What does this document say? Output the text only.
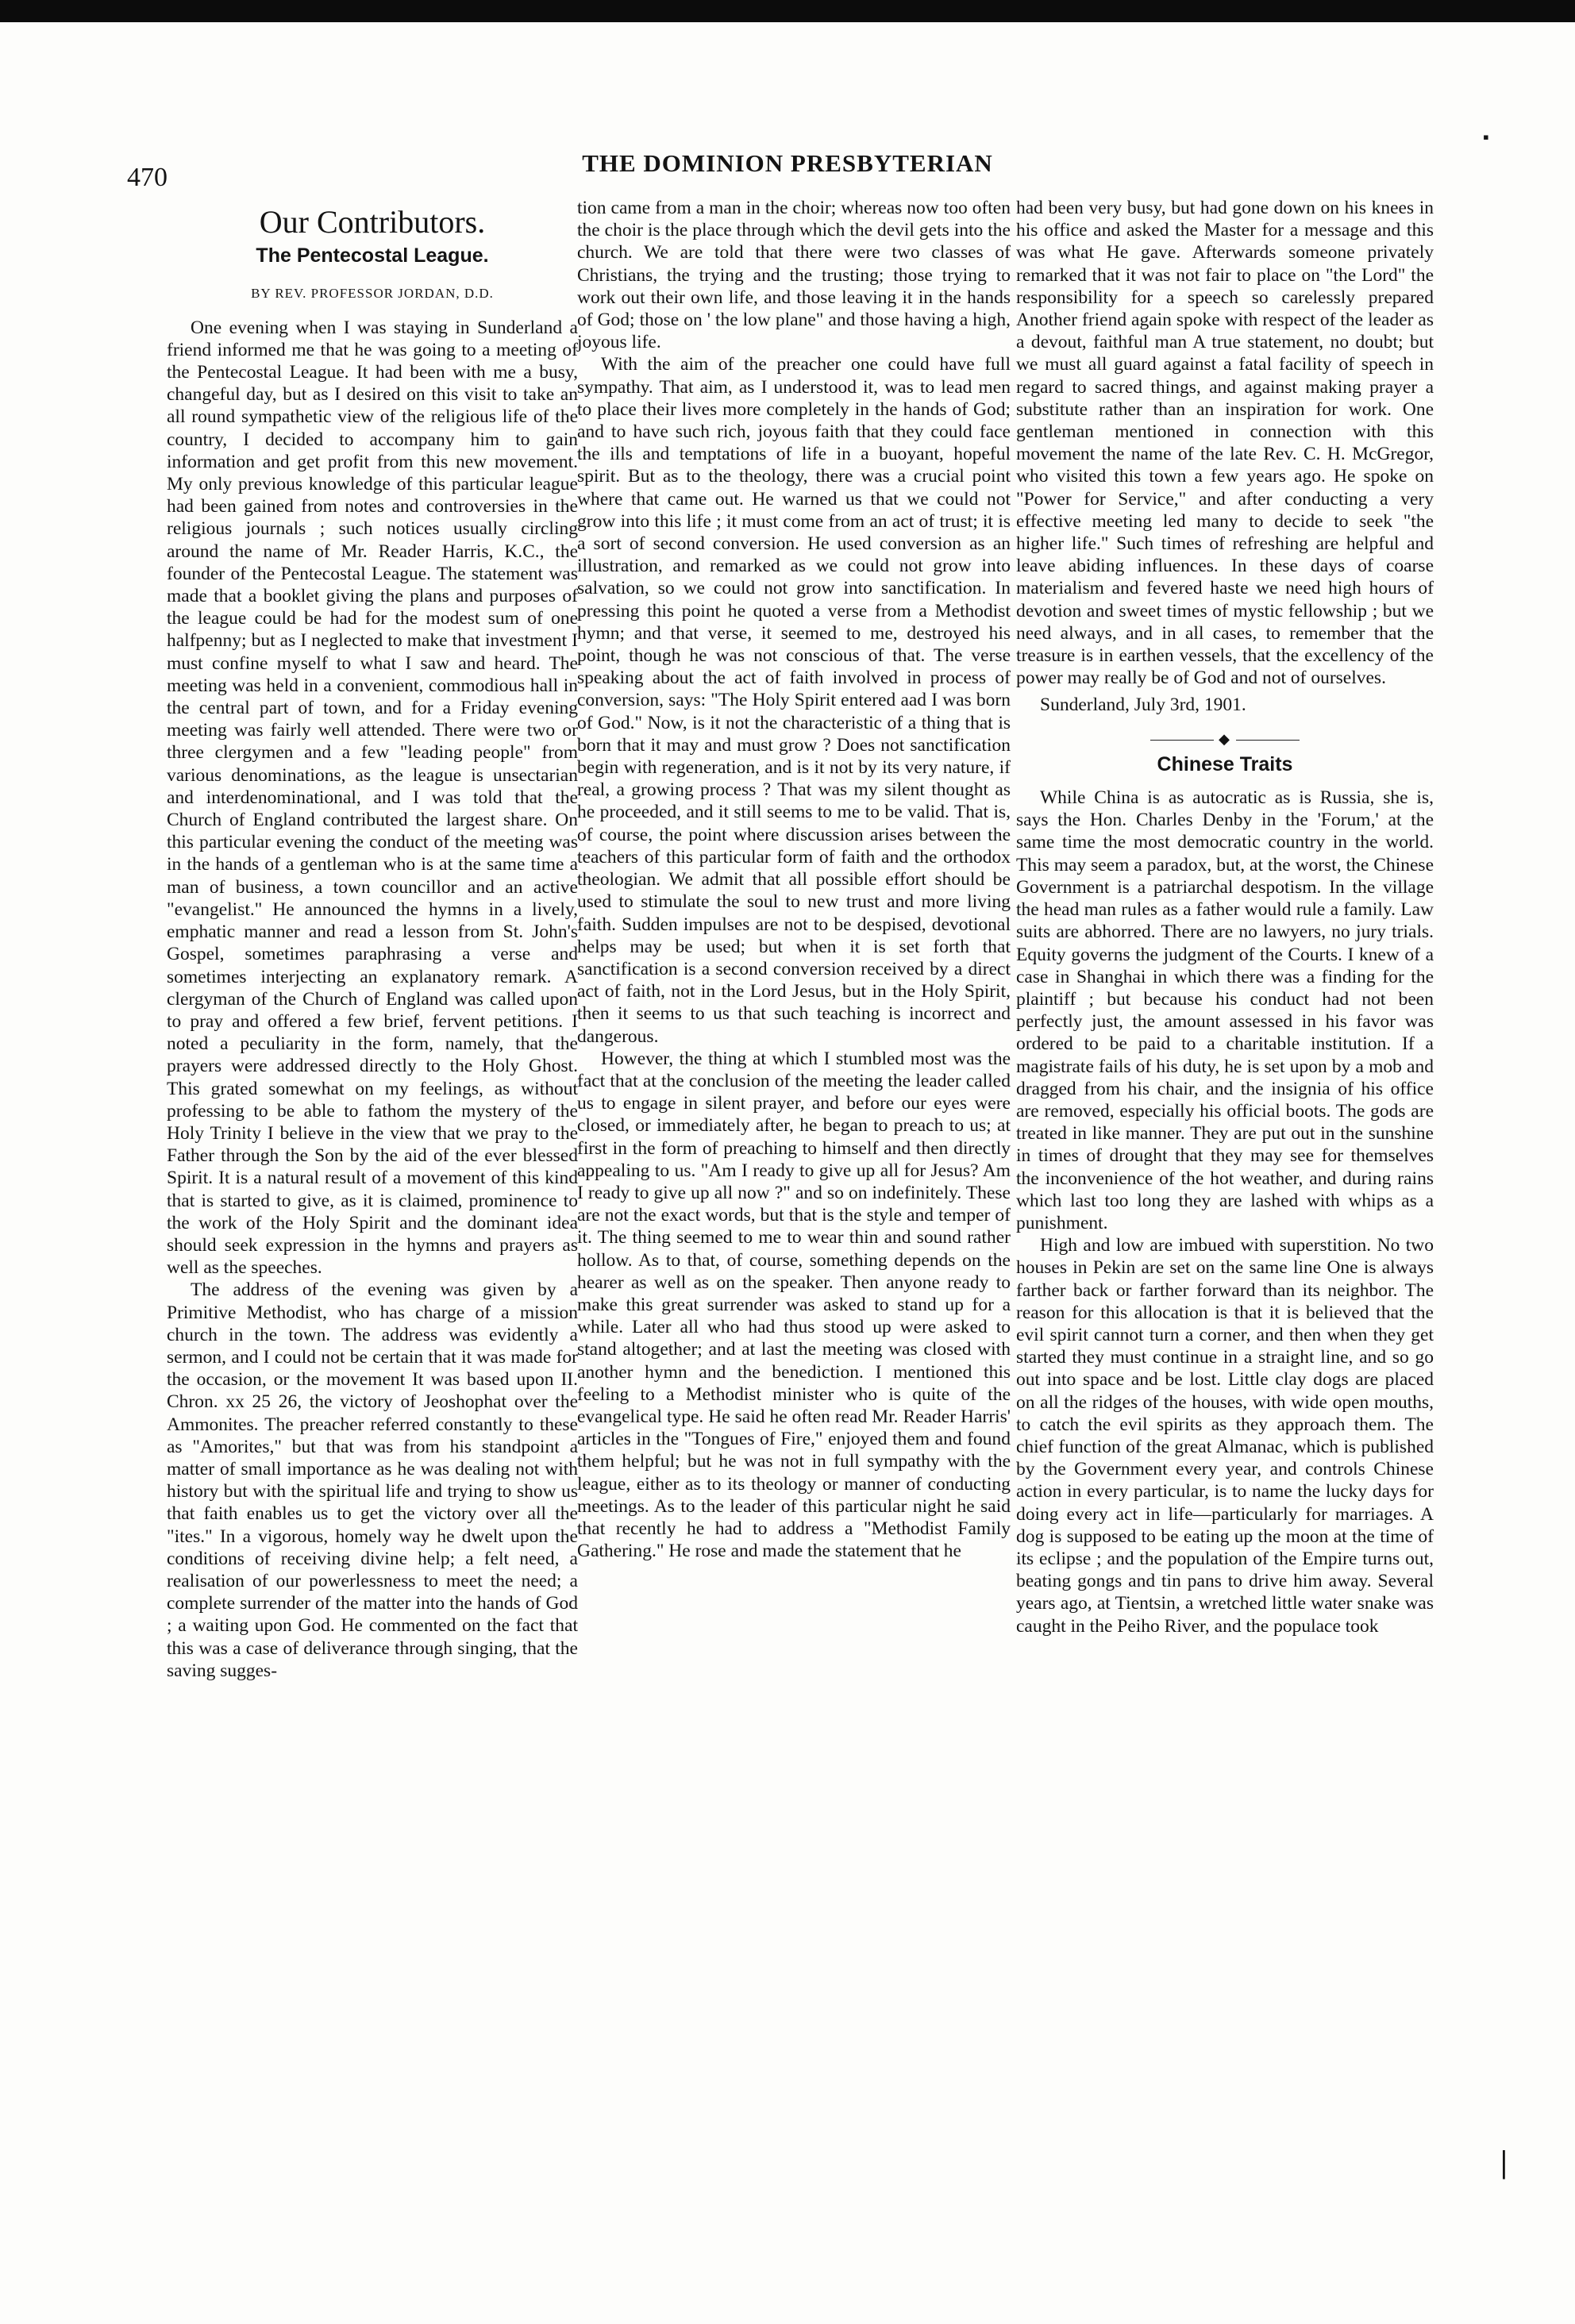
470	THE DOMINION PRESBYTERIAN
▪
|
Our Contributors.
The Pentecostal League.
BY REV. PROFESSOR JORDAN, D.D.

One evening when I was staying in Sunderland a friend informed me that he was going to a meeting of the Pentecostal League. It had been with me a busy, changeful day, but as I desired on this visit to take an all round sympathetic view of the religious life of the country, I decided to accompany him to gain information and get profit from this new movement. My only previous knowledge of this particular league had been gained from notes and controversies in the religious journals ; such notices usually circling around the name of Mr. Reader Harris, K.C., the founder of the Pentecostal League. The statement was made that a booklet giving the plans and purposes of the league could be had for the modest sum of one halfpenny; but as I neglected to make that investment I must confine myself to what I saw and heard. The meeting was held in a convenient, commodious hall in the central part of town, and for a Friday evening meeting was fairly well attended. There were two or three clergymen and a few "leading people" from various denominations, as the league is unsectarian and interdenominational, and I was told that the Church of England contributed the largest share. On this particular evening the conduct of the meeting was in the hands of a gentleman who is at the same time a man of business, a town councillor and an active "evangelist." He announced the hymns in a lively, emphatic manner and read a lesson from St. John's Gospel, sometimes paraphrasing a verse and sometimes interjecting an explanatory remark. A clergyman of the Church of England was called upon to pray and offered a few brief, fervent petitions. I noted a peculiarity in the form, namely, that the prayers were addressed directly to the Holy Ghost. This grated somewhat on my feelings, as without professing to be able to fathom the mystery of the Holy Trinity I believe in the view that we pray to the Father through the Son by the aid of the ever blessed Spirit. It is a natural result of a movement of this kind that is started to give, as it is claimed, prominence to the work of the Holy Spirit and the dominant idea should seek expression in the hymns and prayers as well as the speeches.

The address of the evening was given by a Primitive Methodist, who has charge of a mission church in the town. The address was evidently a sermon, and I could not be certain that it was made for the occasion, or the movement It was based upon II. Chron. xx 25 26, the victory of Jeoshophat over the Ammonites. The preacher referred constantly to these as "Amorites," but that was from his standpoint a matter of small importance as he was dealing not with history but with the spiritual life and trying to show us that faith enables us to get the victory over all the "ites." In a vigorous, homely way he dwelt upon the conditions of receiving divine help; a felt need, a realisation of our powerlessness to meet the need; a complete surrender of the matter into the hands of God ; a waiting upon God. He commented on the fact that this was a case of deliverance through singing, that the saving sugges-

tion came from a man in the choir; whereas now too often the choir is the place through which the devil gets into the church. We are told that there were two classes of Christians, the trying and the trusting; those trying to work out their own life, and those leaving it in the hands of God; those on ' the low plane" and those having a high, joyous life.

With the aim of the preacher one could have full sympathy. That aim, as I understood it, was to lead men to place their lives more completely in the hands of God; and to have such rich, joyous faith that they could face the ills and temptations of life in a buoyant, hopeful spirit. But as to the theology, there was a crucial point where that came out. He warned us that we could not grow into this life ; it must come from an act of trust; it is a sort of second conversion. He used conversion as an illustration, and remarked as we could not grow into salvation, so we could not grow into sanctification. In pressing this point he quoted a verse from a Methodist hymn; and that verse, it seemed to me, destroyed his point, though he was not conscious of that. The verse speaking about the act of faith involved in process of conversion, says: "The Holy Spirit entered aad I was born of God." Now, is it not the characteristic of a thing that is born that it may and must grow ? Does not sanctification begin with regeneration, and is it not by its very nature, if real, a growing process ? That was my silent thought as he proceeded, and it still seems to me to be valid. That is, of course, the point where discussion arises between the teachers of this particular form of faith and the orthodox theologian. We admit that all possible effort should be used to stimulate the soul to new trust and more living faith. Sudden impulses are not to be despised, devotional helps may be used; but when it is set forth that sanctification is a second conversion received by a direct act of faith, not in the Lord Jesus, but in the Holy Spirit, then it seems to us that such teaching is incorrect and dangerous.

However, the thing at which I stumbled most was the fact that at the conclusion of the meeting the leader called us to engage in silent prayer, and before our eyes were closed, or immediately after, he began to preach to us; at first in the form of preaching to himself and then directly appealing to us. "Am I ready to give up all for Jesus? Am I ready to give up all now ?" and so on indefinitely. These are not the exact words, but that is the style and temper of it. The thing seemed to me to wear thin and sound rather hollow. As to that, of course, something depends on the hearer as well as on the speaker. Then anyone ready to make this great surrender was asked to stand up for a while. Later all who had thus stood up were asked to stand altogether; and at last the meeting was closed with another hymn and the benediction. I mentioned this feeling to a Methodist minister who is quite of the evangelical type. He said he often read Mr. Reader Harris' articles in the "Tongues of Fire," enjoyed them and found them helpful; but he was not in full sympathy with the league, either as to its theology or manner of conducting meetings. As to the leader of this particular night he said that recently he had to address a "Methodist Family Gathering." He rose and made the statement that he

had been very busy, but had gone down on his knees in his office and asked the Master for a message and this was what He gave. Afterwards someone privately remarked that it was not fair to place on "the Lord" the responsibility for a speech so carelessly prepared Another friend again spoke with respect of the leader as a devout, faithful man A true statement, no doubt; but we must all guard against a fatal facility of speech in regard to sacred things, and against making prayer a substitute rather than an inspiration for work. One gentleman mentioned in connection with this movement the name of the late Rev. C. H. McGregor, who visited this town a few years ago. He spoke on "Power for Service," and after conducting a very effective meeting led many to decide to seek "the higher life." Such times of refreshing are helpful and leave abiding influences. In these days of coarse materialism and fevered haste we need high hours of devotion and sweet times of mystic fellowship ; but we need always, and in all cases, to remember that the treasure is in earthen vessels, that the excellency of the power may really be of God and not of ourselves.

Sunderland, July 3rd, 1901.

◆
Chinese Traits

While China is as autocratic as is Russia, she is, says the Hon. Charles Denby in the 'Forum,' at the same time the most democratic country in the world. This may seem a paradox, but, at the worst, the Chinese Government is a patriarchal despotism. In the village the head man rules as a father would rule a family. Law suits are abhorred. There are no lawyers, no jury trials. Equity governs the judgment of the Courts. I knew of a case in Shanghai in which there was a finding for the plaintiff ; but because his conduct had not been perfectly just, the amount assessed in his favor was ordered to be paid to a charitable institution. If a magistrate fails of his duty, he is set upon by a mob and dragged from his chair, and the insignia of his office are removed, especially his official boots. The gods are treated in like manner. They are put out in the sunshine in times of drought that they may see for themselves the inconvenience of the hot weather, and during rains which last too long they are lashed with whips as a punishment.

High and low are imbued with superstition. No two houses in Pekin are set on the same line One is always farther back or farther forward than its neighbor. The reason for this allocation is that it is believed that the evil spirit cannot turn a corner, and then when they get started they must continue in a straight line, and so go out into space and be lost. Little clay dogs are placed on all the ridges of the houses, with wide open mouths, to catch the evil spirits as they approach them. The chief function of the great Almanac, which is published by the Government every year, and controls Chinese action in every particular, is to name the lucky days for doing every act in life—particularly for marriages. A dog is supposed to be eating up the moon at the time of its eclipse ; and the population of the Empire turns out, beating gongs and tin pans to drive him away. Several years ago, at Tientsin, a wretched little water snake was caught in the Peiho River, and the populace took
